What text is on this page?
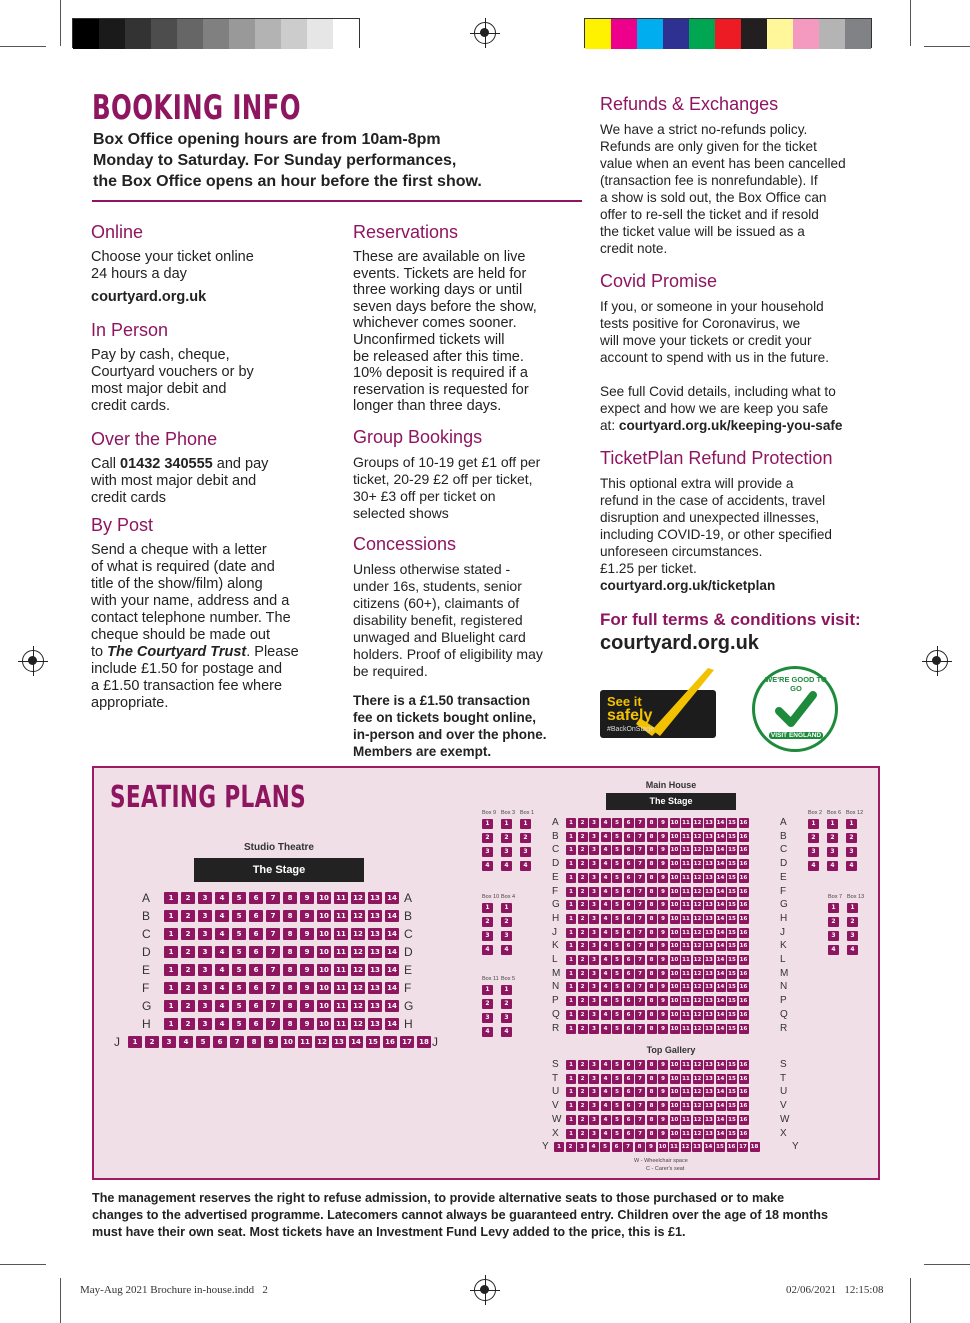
BOOKING INFO
Box Office opening hours are from 10am-8pm
Monday to Saturday. For Sunday performances,
the Box Office opens an hour before the first show.
Online
Choose your ticket online
24 hours a day
courtyard.org.uk
In Person
Pay by cash, cheque,
Courtyard vouchers or by
most major debit and
credit cards.
Over the Phone
Call 01432 340555 and pay
with most major debit and
credit cards
By Post
Send a cheque with a letter
of what is required (date and
title of the show/film) along
with your name, address and a
contact telephone number. The
cheque should be made out
to The Courtyard Trust. Please
include £1.50 for postage and
a £1.50 transaction fee where
appropriate.
Reservations
These are available on live
events. Tickets are held for
three working days or until
seven days before the show,
whichever comes sooner.
Unconfirmed tickets will
be released after this time.
10% deposit is required if a
reservation is requested for
longer than three days.
Group Bookings
Groups of 10-19 get £1 off per
ticket, 20-29 £2 off per ticket,
30+ £3 off per ticket on
selected shows
Concessions
Unless otherwise stated -
under 16s, students, senior
citizens (60+), claimants of
disability benefit, registered
unwaged and Bluelight card
holders. Proof of eligibility may
be required.
There is a £1.50 transaction
fee on tickets bought online,
in-person and over the phone.
Members are exempt.
Refunds & Exchanges
We have a strict no-refunds policy.
Refunds are only given for the ticket
value when an event has been cancelled
(transaction fee is nonrefundable). If
a show is sold out, the Box Office can
offer to re-sell the ticket and if resold
the ticket value will be issued as a
credit note.
Covid Promise
If you, or someone in your household
tests positive for Coronavirus, we
will move your tickets or credit your
account to spend with us in the future.
See full Covid details, including what to
expect and how we are keep you safe
at: courtyard.org.uk/keeping-you-safe
TicketPlan Refund Protection
This optional extra will provide a
refund in the case of accidents, travel
disruption and unexpected illnesses,
including COVID-19, or other specified
unforeseen circumstances.
£1.25 per ticket.
courtyard.org.uk/ticketplan
For full terms & conditions visit:
courtyard.org.uk
See it
safely
#BackOnStage
WE'RE GOOD TO GO
VISIT ENGLAND
SEATING PLANS
Studio Theatre
The Stage
Main House
The Stage
Top Gallery
W - Wheelchair space
C - Carer's seat
A	A
1	2	3	4	5	6	7	8	9	10	11	12	13	14
B	B
1	2	3	4	5	6	7	8	9	10	11	12	13	14
C	C
1	2	3	4	5	6	7	8	9	10	11	12	13	14
D	D
1	2	3	4	5	6	7	8	9	10	11	12	13	14
E	E
1	2	3	4	5	6	7	8	9	10	11	12	13	14
F	F
1	2	3	4	5	6	7	8	9	10	11	12	13	14
G	G
1	2	3	4	5	6	7	8	9	10	11	12	13	14
H	H
1	2	3	4	5	6	7	8	9	10	11	12	13	14
J	J
1	2	3	4	5	6	7	8	9	10	11	12	13	14	15	16	17	18
A	A
1	2	3	4	5	6	7	8	9	10 11 12 13 14 15 16
B	B
1	2	3	4	5	6	7	8	9	10 11 12 13 14 15 16
C	C
1	2	3	4	5	6	7	8	9	10 11 12 13 14 15 16
D	D
1	2	3	4	5	6	7	8	9	10 11 12 13 14 15 16
E	E
1	2	3	4	5	6	7	8	9	10 11 12 13 14 15 16
F	F
1	2	3	4	5	6	7	8	9	10 11 12 13 14 15 16
G	G
1	2	3	4	5	6	7	8	9	10 11 12 13 14 15 16
H	H
1	2	3	4	5	6	7	8	9	10 11 12 13 14 15 16
J	J
1	2	3	4	5	6	7	8	9	10 11 12 13 14 15 16
K	K
1	2	3	4	5	6	7	8	9	10 11 12 13 14 15 16
L	L
1	2	3	4	5	6	7	8	9	10 11 12 13 14 15 16
M	M
1	2	3	4	5	6	7	8	9	10 11 12 13 14 15 16
N	N
1	2	3	4	5	6	7	8	9	10 11 12 13 14 15 16
P	P
1	2	3	4	5	6	7	8	9	10 11 12 13 14 15 16
Q	Q
1	2	3	4	5	6	7	8	9	10 11 12 13 14 15 16
R	R
1	2	3	4	5	6	7	8	9	10 11 12 13 14 15 16
Box 9
1
2
3
4
Box 3
1
2
3
4
Box 1
1
2
3
4
Box 10
1
2
3
4
Box 4
1
2
3
4
Box 11
1
2
3
4
Box 5
1
2
3
4
Box 2
1
2
3
4
Box 6
1
2
3
4
Box 12
1
2
3
4
Box 7
1
2
3
4
Box 13
1
2
3
4
S	S
1	2	3	4	5	6	7	8	9	10 11 12 13 14 15 16
T	T
1	2	3	4	5	6	7	8	9	10 11 12 13 14 15 16
U	U
1	2	3	4	5	6	7	8	9	10 11 12 13 14 15 16
V	V
1	2	3	4	5	6	7	8	9	10 11 12 13 14 15 16
W	W
1	2	3	4	5	6	7	8	9	10 11 12 13 14 15 16
X	X
1	2	3	4	5	6	7	8	9	10 11 12 13 14 15 16
Y	Y
1	2	3	4	5	6	7	8	9	10 11 12 13 14 15 16 17 18
The management reserves the right to refuse admission, to provide alternative seats to those purchased or to make
changes to the advertised programme. Latecomers cannot always be guaranteed entry. Children over the age of 18 months
must have their own seat. Most tickets have an Investment Fund Levy added to the price, this is £1.
May-Aug 2021 Brochure in-house.indd   2	02/06/2021   12:15:08
